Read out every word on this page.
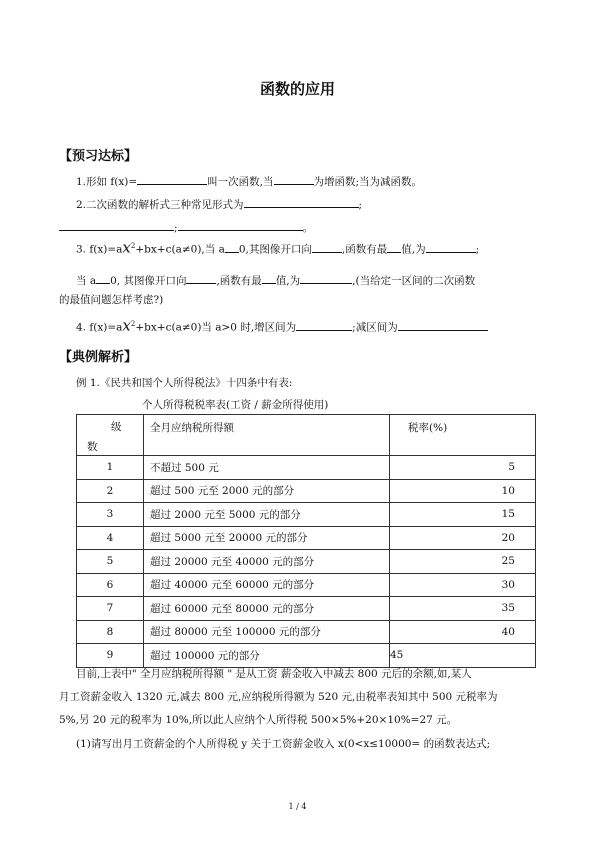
函数的应用
【预习达标】
1.形如 f(x)=	叫一次函数,当	为增函数;当为减函数。
2.二次函数的解析式三种常见形式为	;
;	。
3. $f(x)=ax^2+bx+c(a\ne 0)$,当 a 0,其图像开口向	,函数有最 值,为	;
当 a 0, 其图像开口向	,函数有最 值,为	,(当给定一区间的二次函数
的最值问题怎样考虑?)
4. $f(x)=ax^2+bx+c(a\ne 0)$当 a>0 时,增区间为	;减区间为
【典例解析】
例 1.《民共和国个人所得税法》十四条中有表:
个人所得税税率表(工资 / 薪金所得使用)
级
数	全月应纳税所得额	税率(%)
1	不超过 500 元	5
2	超过 500 元至 2000 元的部分	10
3	超过 2000 元至 5000 元的部分	15
4	超过 5000 元至 20000 元的部分	20
5	超过 20000 元至 40000 元的部分	25
6	超过 40000 元至 60000 元的部分	30
7	超过 60000 元至 80000 元的部分	35
8	超过 80000 元至 100000 元的部分	40
9	超过 100000 元的部分	45
目前,上表中" 全月应纳税所得额 " 是从工资 薪金收入中减去 800 元后的余额,如,某人
月工资薪金收入 1320 元,减去 800 元,应纳税所得额为 520 元,由税率表知其中 500 元税率为
5%,另 20 元的税率为 10%,所以此人应纳个人所得税 500×5%+20×10%=27 元。
(1)请写出月工资薪金的个人所得税 y 关于工资薪金收入 x(0<x≤10000= 的函数表达式;
1 / 4
